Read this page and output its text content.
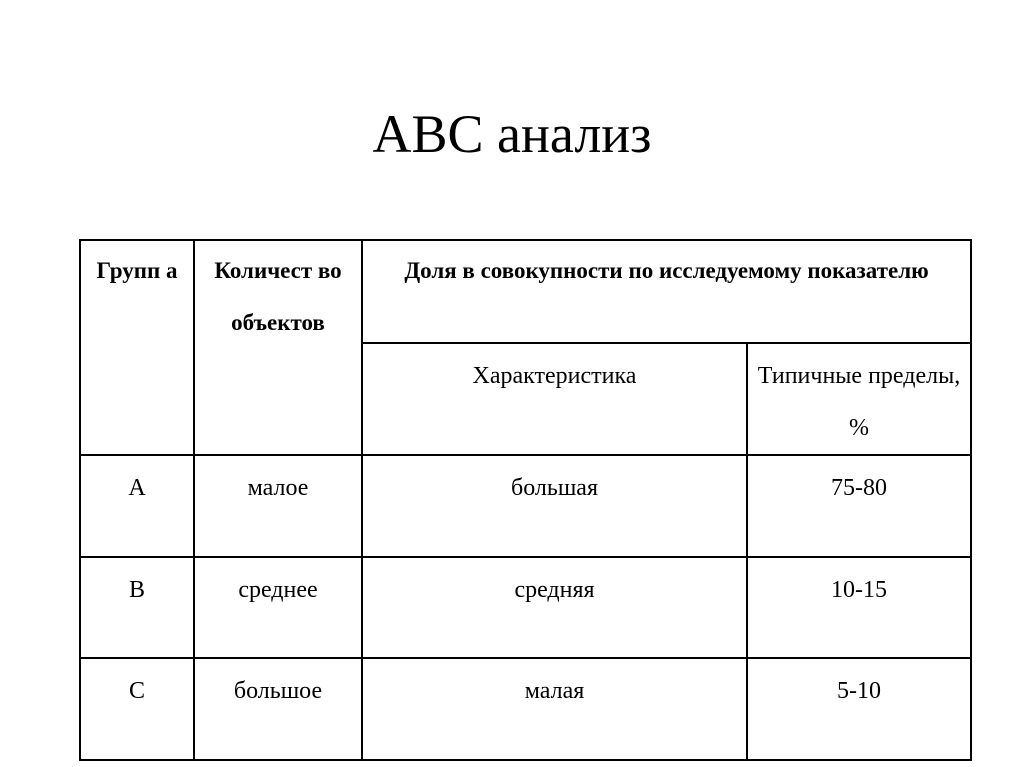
ABC анализ
Групп а	Количест во объектов	Доля в совокупности по исследуемому показателю	
		Характеристика	Типичные пределы, %
A	малое	большая	75-80
B	среднее	средняя	10-15
C	большое	малая	5-10
